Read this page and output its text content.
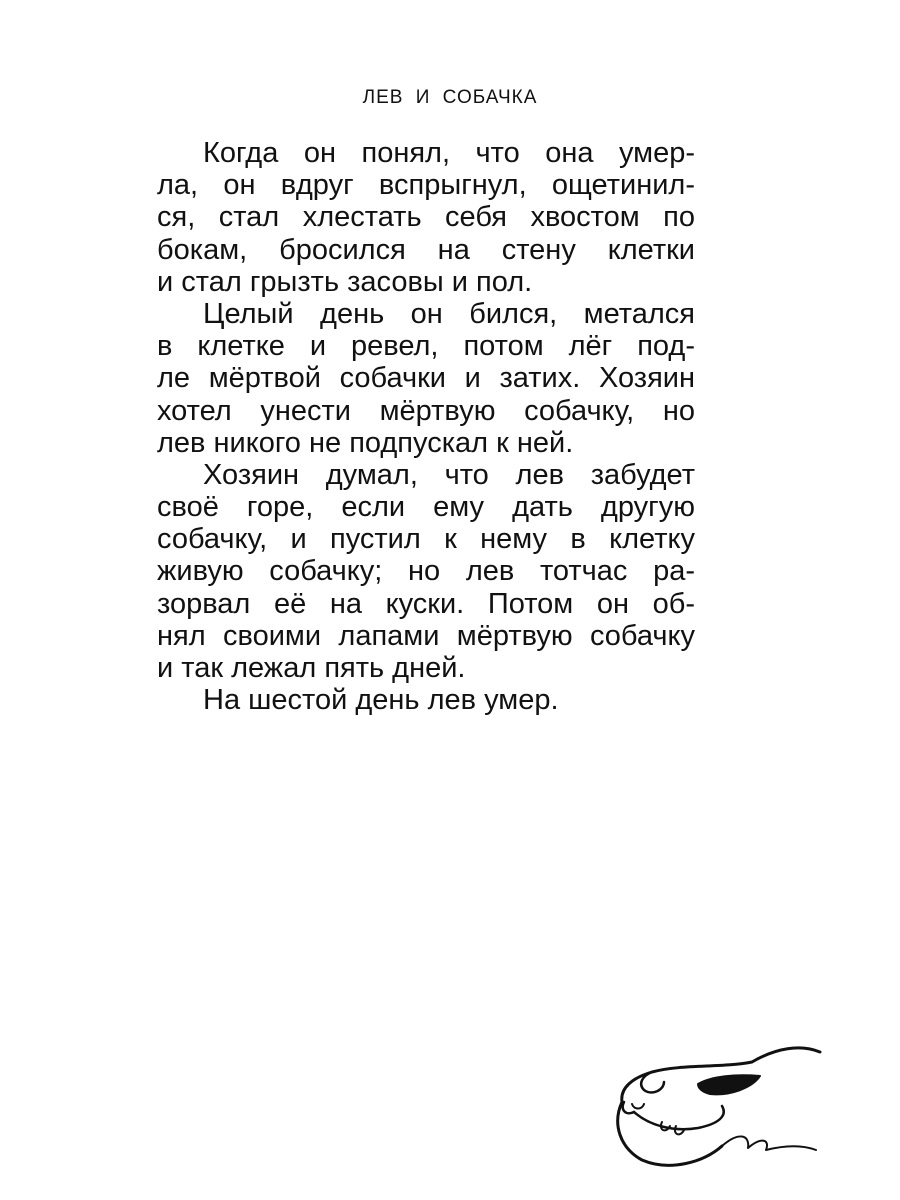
ЛЕВ И СОБАЧКА
Когда он понял, что она умер-
ла, он вдруг вспрыгнул, ощетинил-
ся, стал хлестать себя хвостом по
бокам, бросился на стену клетки
и стал грызть засовы и пол.
Целый день он бился, метался
в клетке и ревел, потом лёг под-
ле мёртвой собачки и затих. Хозяин
хотел унести мёртвую собачку, но
лев никого не подпускал к ней.
Хозяин думал, что лев забудет
своё горе, если ему дать другую
собачку, и пустил к нему в клетку
живую собачку; но лев тотчас ра-
зорвал её на куски. Потом он об-
нял своими лапами мёртвую собачку
и так лежал пять дней.
На шестой день лев умер.
